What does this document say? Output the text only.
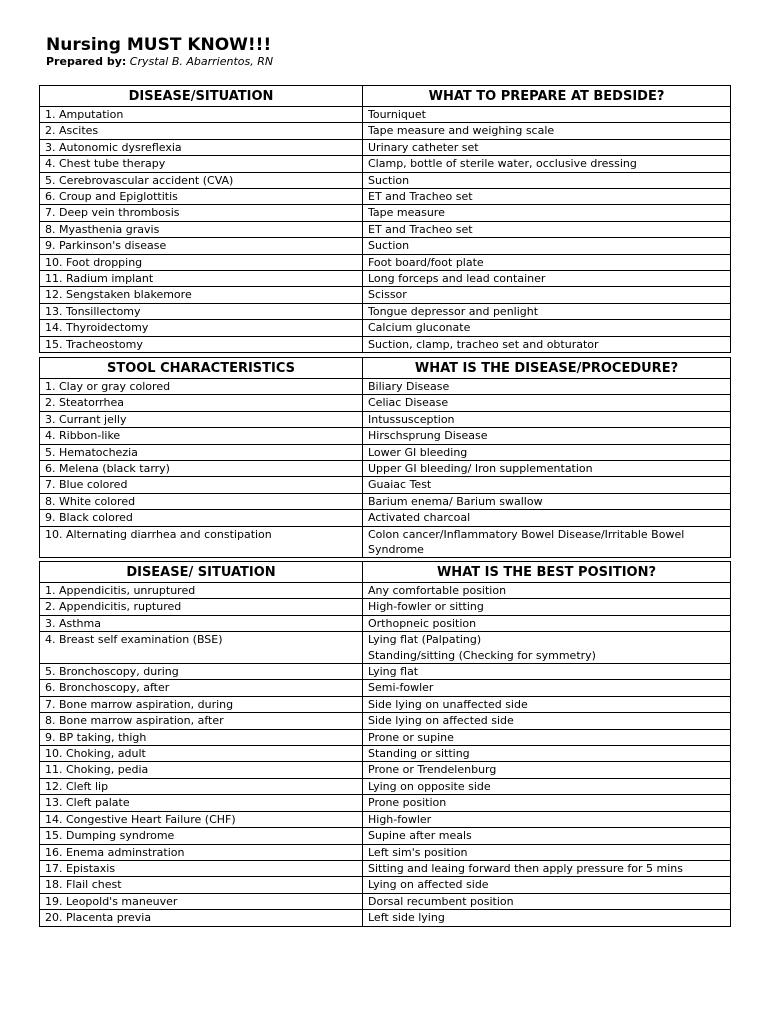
Nursing MUST KNOW!!!
Prepared by: Crystal B. Abarrientos, RN
DISEASE/SITUATION	WHAT TO PREPARE AT BEDSIDE?
1. Amputation	Tourniquet
2. Ascites	Tape measure and weighing scale
3. Autonomic dysreflexia	Urinary catheter set
4. Chest tube therapy	Clamp, bottle of sterile water, occlusive dressing
5. Cerebrovascular accident (CVA)	Suction
6. Croup and Epiglottitis	ET and Tracheo set
7. Deep vein thrombosis	Tape measure
8. Myasthenia gravis	ET and Tracheo set
9. Parkinson's disease	Suction
10. Foot dropping	Foot board/foot plate
11. Radium implant	Long forceps and lead container
12. Sengstaken blakemore	Scissor
13. Tonsillectomy	Tongue depressor and penlight
14. Thyroidectomy	Calcium gluconate
15. Tracheostomy	Suction, clamp, tracheo set and obturator
STOOL CHARACTERISTICS	WHAT IS THE DISEASE/PROCEDURE?
1. Clay or gray colored	Biliary Disease
2. Steatorrhea	Celiac Disease
3. Currant jelly	Intussusception
4. Ribbon-like	Hirschsprung Disease
5. Hematochezia	Lower GI bleeding
6. Melena (black tarry)	Upper GI bleeding/ Iron supplementation
7. Blue colored	Guaiac Test
8. White colored	Barium enema/ Barium swallow
9. Black colored	Activated charcoal
10. Alternating diarrhea and constipation	Colon cancer/Inflammatory Bowel Disease/Irritable Bowel Syndrome
DISEASE/ SITUATION	WHAT IS THE BEST POSITION?
1. Appendicitis, unruptured	Any comfortable position
2. Appendicitis, ruptured	High-fowler or sitting
3. Asthma	Orthopneic position
4. Breast self examination (BSE)	Lying flat (Palpating)
Standing/sitting (Checking for symmetry)
5. Bronchoscopy, during	Lying flat
6. Bronchoscopy, after	Semi-fowler
7. Bone marrow aspiration, during	Side lying on unaffected side
8. Bone marrow aspiration, after	Side lying on affected side
9. BP taking, thigh	Prone or supine
10. Choking, adult	Standing or sitting
11. Choking, pedia	Prone or Trendelenburg
12. Cleft lip	Lying on opposite side
13. Cleft palate	Prone position
14. Congestive Heart Failure (CHF)	High-fowler
15. Dumping syndrome	Supine after meals
16. Enema adminstration	Left sim's position
17. Epistaxis	Sitting and leaing forward then apply pressure for 5 mins
18. Flail chest	Lying on affected side
19. Leopold's maneuver	Dorsal recumbent position
20. Placenta previa	Left side lying
